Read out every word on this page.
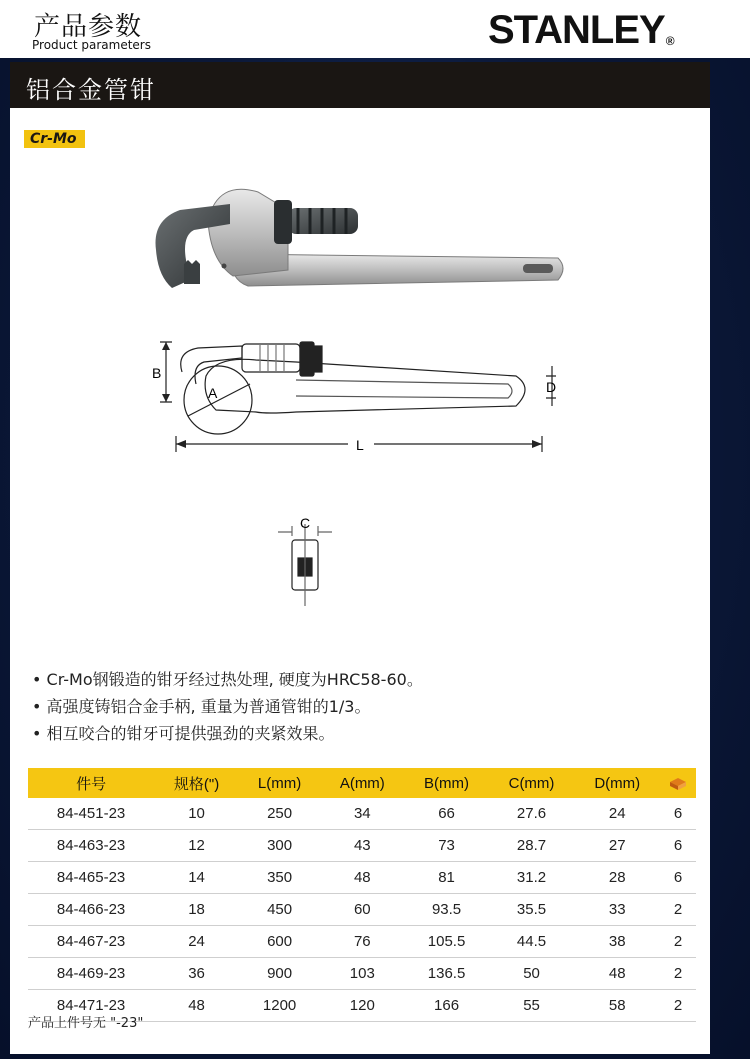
产品参数
Product parameters	STANLEY®
铝合金管钳
Cr-Mo
B
A	D
L
C
• Cr-Mo钢锻造的钳牙经过热处理, 硬度为HRC58-60。
• 高强度铸铝合金手柄, 重量为普通管钳的1/3。
• 相互咬合的钳牙可提供强劲的夹紧效果。
件号	规格(")	L(mm)	A(mm)	B(mm)	C(mm)	D(mm)	
84-451-23	10	250	34	66	27.6	24	6
84-463-23	12	300	43	73	28.7	27	6
84-465-23	14	350	48	81	31.2	28	6
84-466-23	18	450	60	93.5	35.5	33	2
84-467-23	24	600	76	105.5	44.5	38	2
84-469-23	36	900	103	136.5	50	48	2
84-471-23	48	1200	120	166	55	58	2
产品上件号无 "-23"
